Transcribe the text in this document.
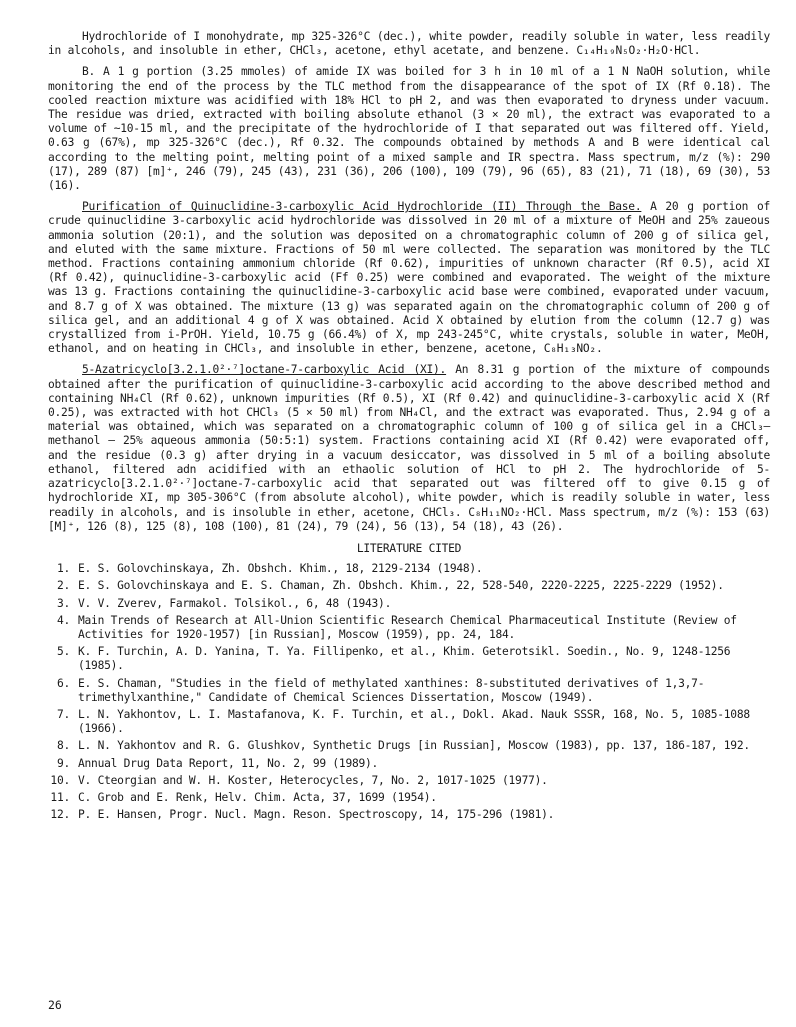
Hydrochloride of I monohydrate, mp 325-326°C (dec.), white powder, readily soluble in water, less readily in alcohols, and insoluble in ether, CHCl₃, acetone, ethyl acetate, and benzene. C₁₄H₁₉N₅O₂·H₂O·HCl.

B. A 1 g portion (3.25 mmoles) of amide IX was boiled for 3 h in 10 ml of a 1 N NaOH solution, while monitoring the end of the process by the TLC method from the disappearance of the spot of IX (Rf 0.18). The cooled reaction mixture was acidified with 18% HCl to pH 2, and was then evaporated to dryness under vacuum. The residue was dried, extracted with boiling absolute ethanol (3 × 20 ml), the extract was evaporated to a volume of ~10-15 ml, and the precipitate of the hydrochloride of I that separated out was filtered off. Yield, 0.63 g (67%), mp 325-326°C (dec.), Rf 0.32. The compounds obtained by methods A and B were identical cal according to the melting point, melting point of a mixed sample and IR spectra. Mass spectrum, m/z (%): 290 (17), 289 (87) [m]⁺, 246 (79), 245 (43), 231 (36), 206 (100), 109 (79), 96 (65), 83 (21), 71 (18), 69 (30), 53 (16).

Purification of Quinuclidine-3-carboxylic Acid Hydrochloride (II) Through the Base. A 20 g portion of crude quinuclidine 3-carboxylic acid hydrochloride was dissolved in 20 ml of a mixture of MeOH and 25% zaueous ammonia solution (20:1), and the solution was deposited on a chromatographic column of 200 g of silica gel, and eluted with the same mixture. Fractions of 50 ml were collected. The separation was monitored by the TLC method. Fractions containing ammonium chloride (Rf 0.62), impurities of unknown character (Rf 0.5), acid XI (Rf 0.42), quinuclidine-3-carboxylic acid (Ff 0.25) were combined and evaporated. The weight of the mixture was 13 g. Fractions containing the quinuclidine-3-carboxylic acid base were combined, evaporated under vacuum, and 8.7 g of X was obtained. The mixture (13 g) was separated again on the chromatographic column of 200 g of silica gel, and an additional 4 g of X was obtained. Acid X obtained by elution from the column (12.7 g) was crystallized from i-PrOH. Yield, 10.75 g (66.4%) of X, mp 243-245°C, white crystals, soluble in water, MeOH, ethanol, and on heating in CHCl₃, and insoluble in ether, benzene, acetone, C₈H₁₃NO₂.

5-Azatricyclo[3.2.1.0²·⁷]octane-7-carboxylic Acid (XI). An 8.31 g portion of the mixture of compounds obtained after the purification of quinuclidine-3-carboxylic acid according to the above described method and containing NH₄Cl (Rf 0.62), unknown impurities (Rf 0.5), XI (Rf 0.42) and quinuclidine-3-carboxylic acid X (Rf 0.25), was extracted with hot CHCl₃ (5 × 50 ml) from NH₄Cl, and the extract was evaporated. Thus, 2.94 g of a material was obtained, which was separated on a chromatographic column of 100 g of silica gel in a CHCl₃–methanol – 25% aqueous ammonia (50:5:1) system. Fractions containing acid XI (Rf 0.42) were evaporated off, and the residue (0.3 g) after drying in a vacuum desiccator, was dissolved in 5 ml of a boiling absolute ethanol, filtered adn acidified with an ethaolic solution of HCl to pH 2. The hydrochloride of 5-azatricyclo[3.2.1.0²·⁷]octane-7-carboxylic acid that separated out was filtered off to give 0.15 g of hydrochloride XI, mp 305-306°C (from absolute alcohol), white powder, which is readily soluble in water, less readily in alcohols, and is insoluble in ether, acetone, CHCl₃. C₈H₁₁NO₂·HCl. Mass spectrum, m/z (%): 153 (63) [M]⁺, 126 (8), 125 (8), 108 (100), 81 (24), 79 (24), 56 (13), 54 (18), 43 (26).

LITERATURE CITED
1. E. S. Golovchinskaya, Zh. Obshch. Khim., 18, 2129-2134 (1948).
2. E. S. Golovchinskaya and E. S. Chaman, Zh. Obshch. Khim., 22, 528-540, 2220-2225, 2225-2229 (1952).
3. V. V. Zverev, Farmakol. Tolsikol., 6, 48 (1943).
4. Main Trends of Research at All-Union Scientific Research Chemical Pharmaceutical Institute (Review of Activities for 1920-1957) [in Russian], Moscow (1959), pp. 24, 184.
5. K. F. Turchin, A. D. Yanina, T. Ya. Fillipenko, et al., Khim. Geterotsikl. Soedin., No. 9, 1248-1256 (1985).
6. E. S. Chaman, "Studies in the field of methylated xanthines: 8-substituted derivatives of 1,3,7-trimethylxanthine," Candidate of Chemical Sciences Dissertation, Moscow (1949).
7. L. N. Yakhontov, L. I. Mastafanova, K. F. Turchin, et al., Dokl. Akad. Nauk SSSR, 168, No. 5, 1085-1088 (1966).
8. L. N. Yakhontov and R. G. Glushkov, Synthetic Drugs [in Russian], Moscow (1983), pp. 137, 186-187, 192.
9. Annual Drug Data Report, 11, No. 2, 99 (1989).
10. V. Cteorgian and W. H. Koster, Heterocycles, 7, No. 2, 1017-1025 (1977).
11. C. Grob and E. Renk, Helv. Chim. Acta, 37, 1699 (1954).
12. P. E. Hansen, Progr. Nucl. Magn. Reson. Spectroscopy, 14, 175-296 (1981).
26
